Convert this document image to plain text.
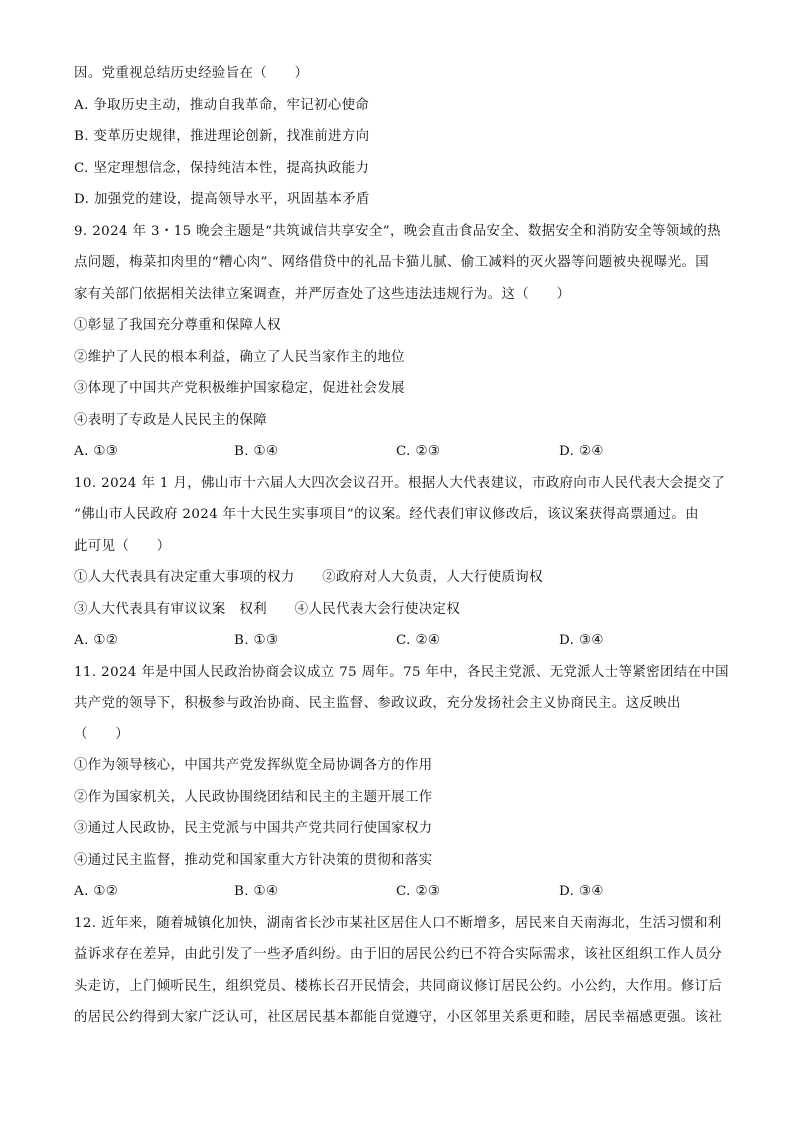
因。党重视总结历史经验旨在（　　）
A. 争取历史主动，推动自我革命，牢记初心使命
B. 变革历史规律，推进理论创新，找准前进方向
C. 坚定理想信念，保持纯洁本性，提高执政能力
D. 加强党的建设，提高领导水平，巩固基本矛盾
9. 2024 年 3・15 晚会主题是“共筑诚信共享安全”，晚会直击食品安全、数据安全和消防安全等领域的热
点问题，梅菜扣肉里的“糟心肉”、网络借贷中的礼品卡猫儿腻、偷工减料的灭火器等问题被央视曝光。国
家有关部门依据相关法律立案调查，并严厉查处了这些违法违规行为。这（　　）
①彰显了我国充分尊重和保障人权
②维护了人民的根本利益，确立了人民当家作主的地位
③体现了中国共产党积极维护国家稳定，促进社会发展
④表明了专政是人民民主的保障
A. ①③	B. ①④	C. ②③	D. ②④
10. 2024 年 1 月，佛山市十六届人大四次会议召开。根据人大代表建议，市政府向市人民代表大会提交了
“佛山市人民政府 2024 年十大民生实事项目”的议案。经代表们审议修改后，该议案获得高票通过。由
此可见（　　）
①人大代表具有决定重大事项的权力　　②政府对人大负责，人大行使质询权
③人大代表具有审议议案　权利　　④人民代表大会行使决定权
A. ①②	B. ①③	C. ②④	D. ③④
11. 2024 年是中国人民政治协商会议成立 75 周年。75 年中，各民主党派、无党派人士等紧密团结在中国
共产党的领导下，积极参与政治协商、民主监督、参政议政，充分发扬社会主义协商民主。这反映出
（　　）
①作为领导核心，中国共产党发挥纵览全局协调各方的作用
②作为国家机关，人民政协围绕团结和民主的主题开展工作
③通过人民政协，民主党派与中国共产党共同行使国家权力
④通过民主监督，推动党和国家重大方针决策的贯彻和落实
A. ①②	B. ①④	C. ②③	D. ③④
12. 近年来，随着城镇化加快，湖南省长沙市某社区居住人口不断增多，居民来自天南海北，生活习惯和利
益诉求存在差异，由此引发了一些矛盾纠纷。由于旧的居民公约已不符合实际需求，该社区组织工作人员分
头走访，上门倾听民生，组织党员、楼栋长召开民情会，共同商议修订居民公约。小公约，大作用。修订后
的居民公约得到大家广泛认可，社区居民基本都能自觉遵守，小区邻里关系更和睦，居民幸福感更强。该社
